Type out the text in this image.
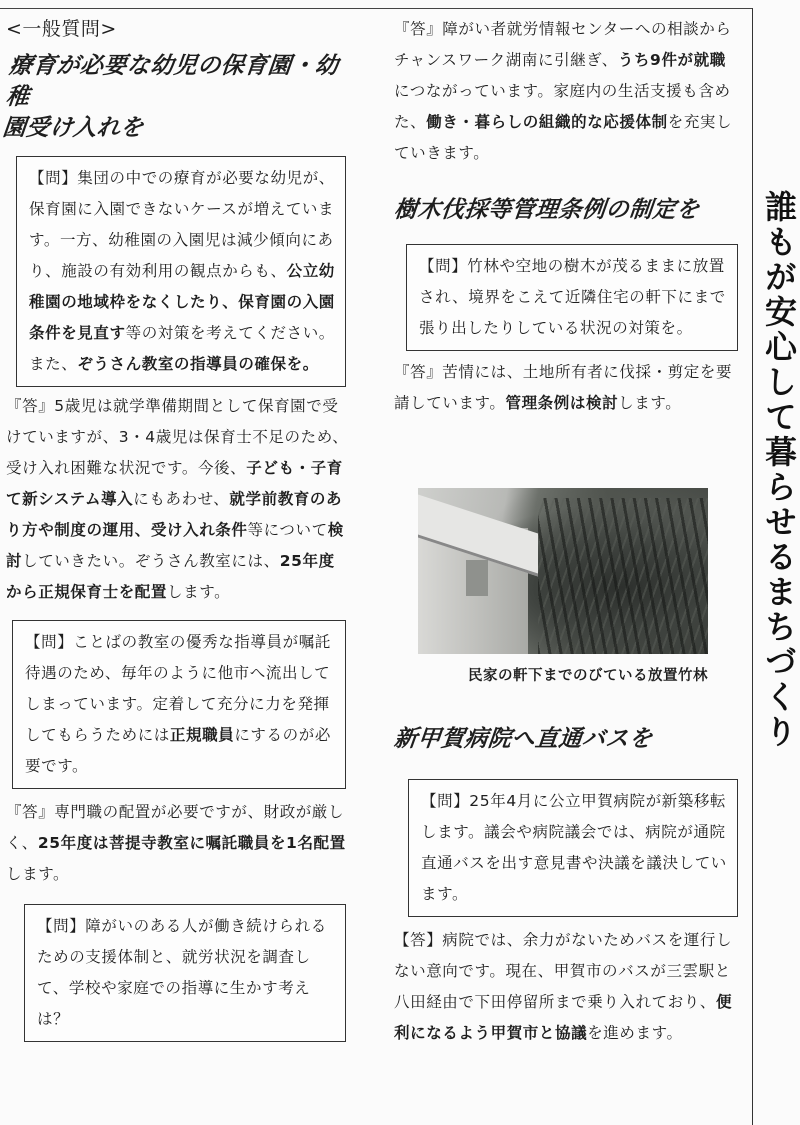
<一般質問>
療育が必要な幼児の保育園・幼稚
園受け入れを
【問】集団の中での療育が必要な幼児が、保育園に入園できないケースが増えています。一方、幼稚園の入園児は減少傾向にあり、施設の有効利用の観点からも、公立幼稚園の地域枠をなくしたり、保育園の入園条件を見直す等の対策を考えてください。また、ぞうさん教室の指導員の確保を。
『答』5歳児は就学準備期間として保育園で受けていますが、3・4歳児は保育士不足のため、受け入れ困難な状況です。今後、子ども・子育て新システム導入にもあわせ、就学前教育のあり方や制度の運用、受け入れ条件等について検討していきたい。ぞうさん教室には、25年度から正規保育士を配置します。
【問】ことばの教室の優秀な指導員が嘱託待遇のため、毎年のように他市へ流出してしまっています。定着して充分に力を発揮してもらうためには正規職員にするのが必要です。
『答』専門職の配置が必要ですが、財政が厳しく、25年度は菩提寺教室に嘱託職員を1名配置します。
【問】障がいのある人が働き続けられるための支援体制と、就労状況を調査して、学校や家庭での指導に生かす考えは？
『答』障がい者就労情報センターへの相談からチャンスワーク湖南に引継ぎ、うち9件が就職につながっています。家庭内の生活支援も含めた、働き・暮らしの組織的な応援体制を充実していきます。
樹木伐採等管理条例の制定を
【問】竹林や空地の樹木が茂るままに放置され、境界をこえて近隣住宅の軒下にまで張り出したりしている状況の対策を。
『答』苦情には、土地所有者に伐採・剪定を要請しています。管理条例は検討します。
民家の軒下までのびている放置竹林
新甲賀病院へ直通バスを
【問】25年4月に公立甲賀病院が新築移転します。議会や病院議会では、病院が通院直通バスを出す意見書や決議を議決しています。
【答】病院では、余力がないためバスを運行しない意向です。現在、甲賀市のバスが三雲駅と八田経由で下田停留所まで乗り入れており、便利になるよう甲賀市と協議を進めます。
誰もが安心して暮らせるまちづくり
